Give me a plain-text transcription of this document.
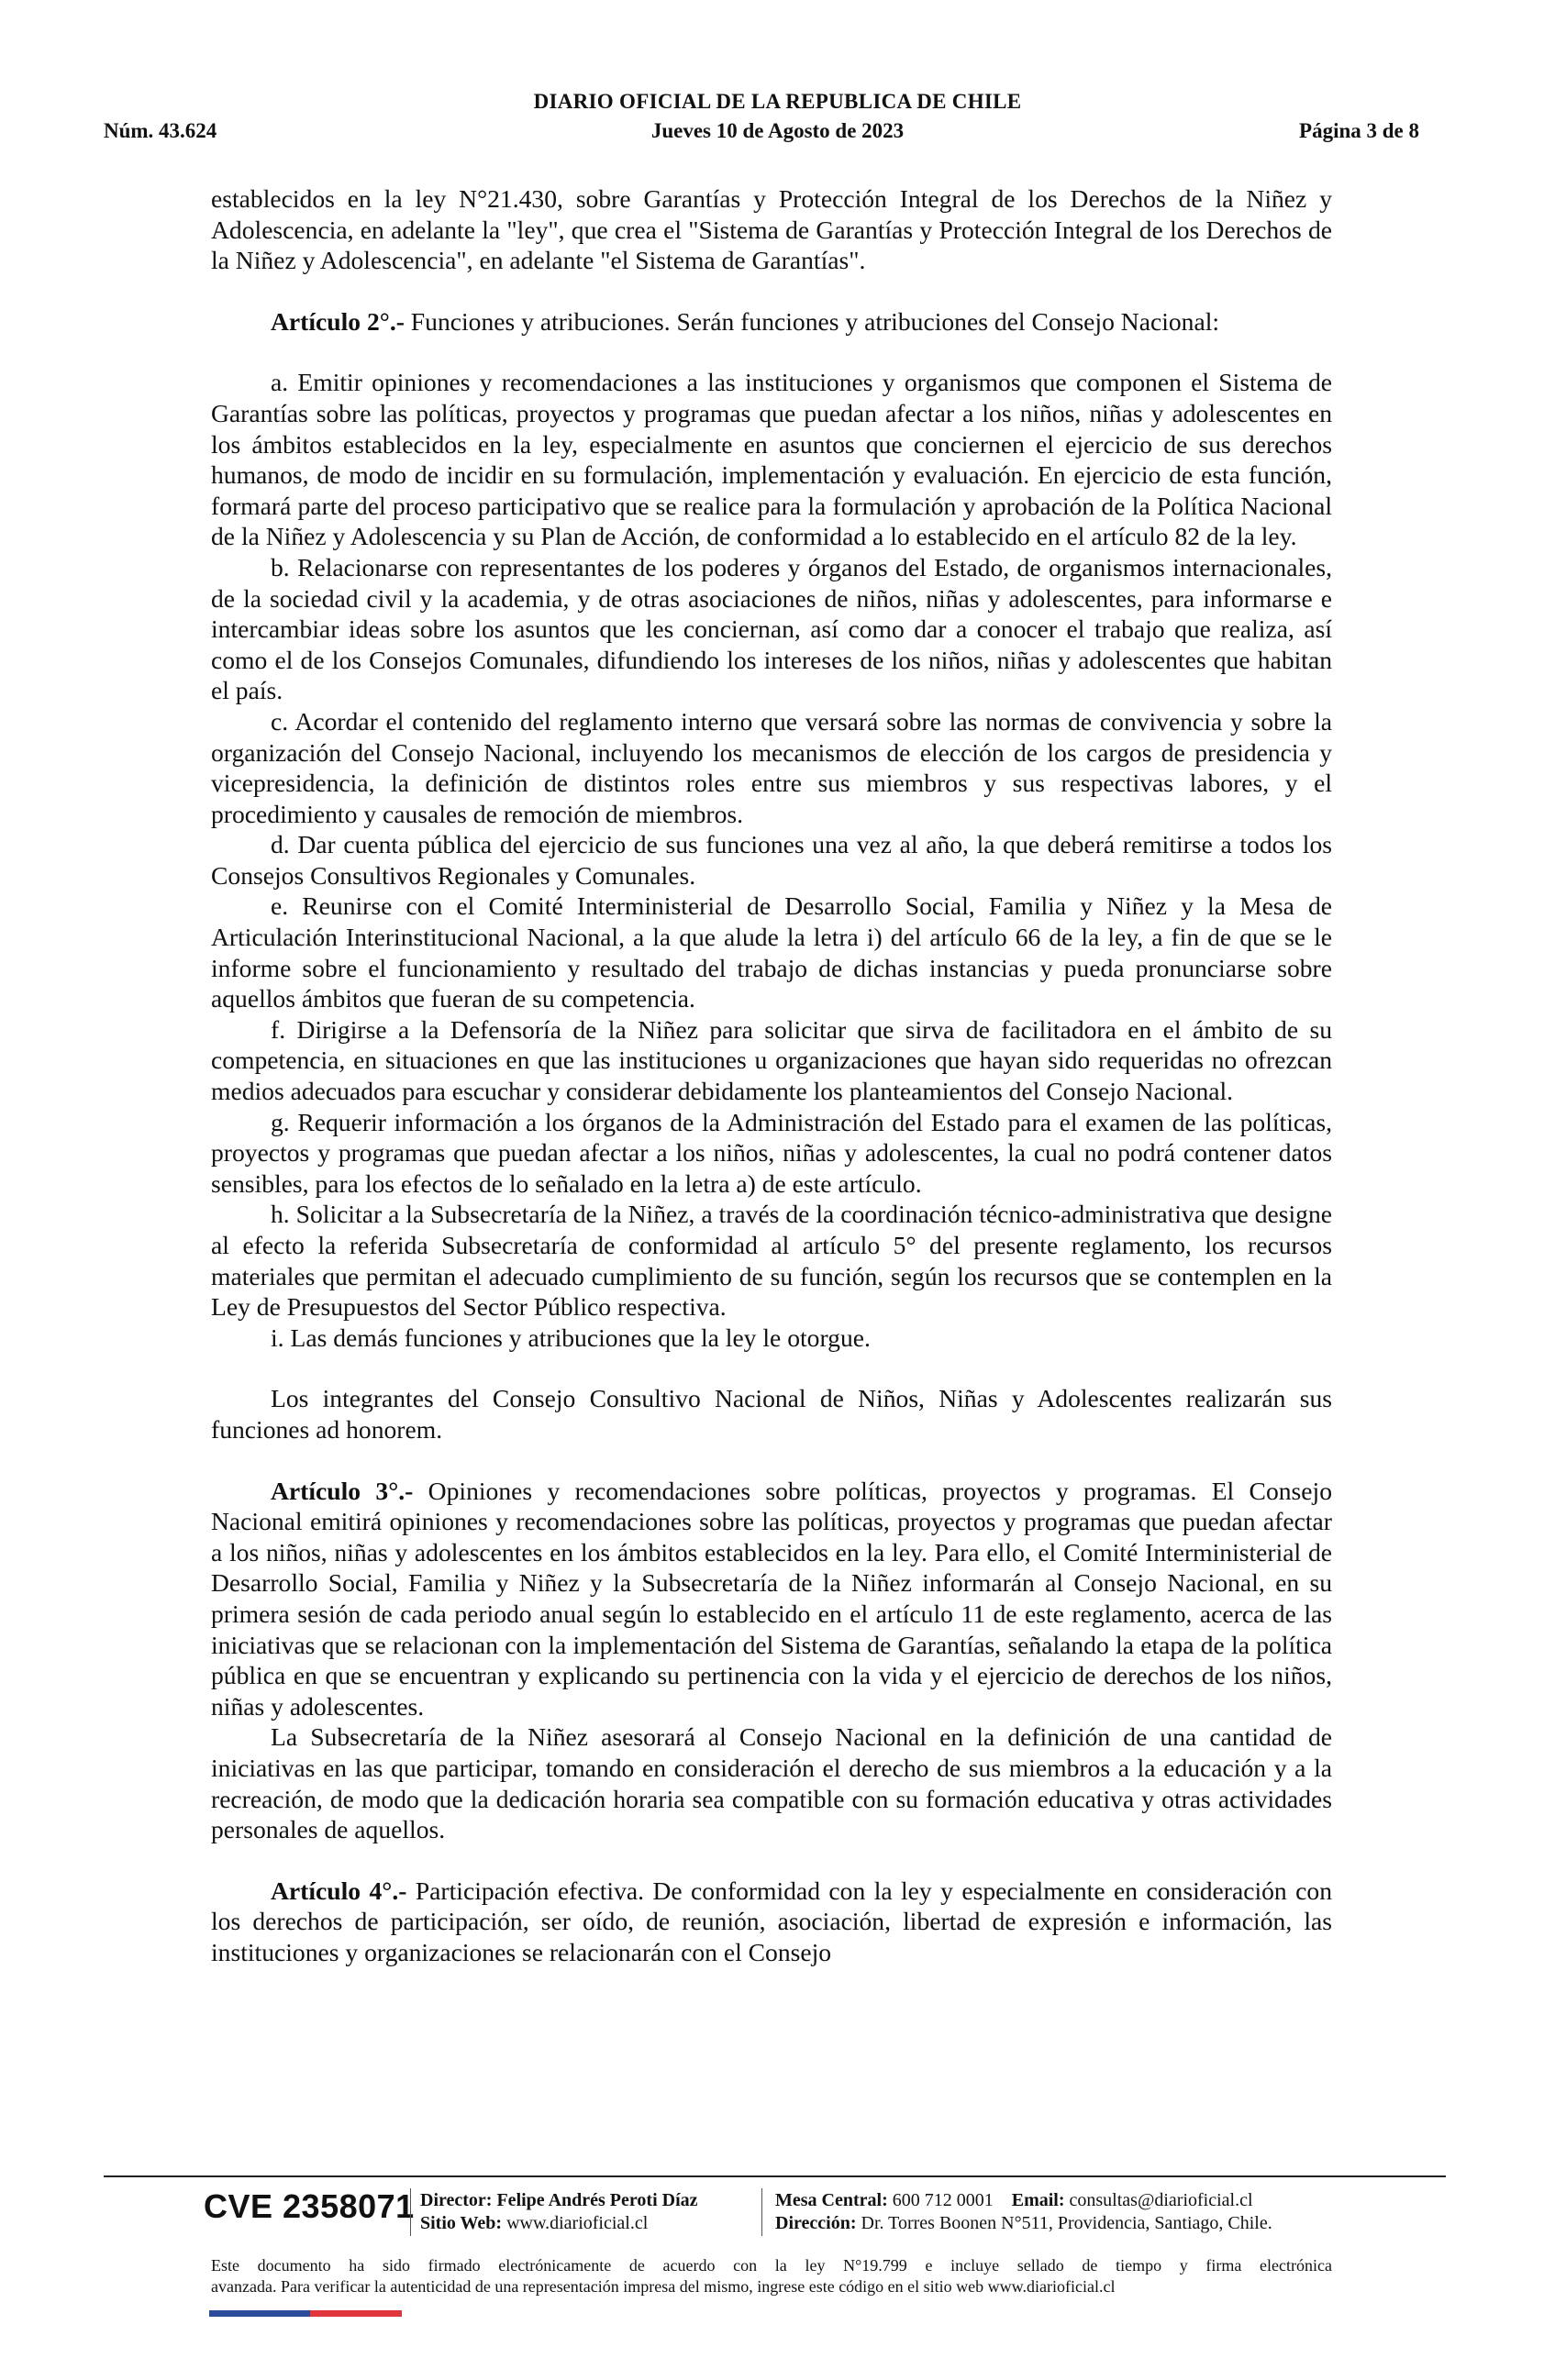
DIARIO OFICIAL DE LA REPUBLICA DE CHILE
Núm. 43.624	Jueves 10 de Agosto de 2023	Página 3 de 8

establecidos en la ley N°21.430, sobre Garantías y Protección Integral de los Derechos de la Niñez y Adolescencia, en adelante la "ley", que crea el "Sistema de Garantías y Protección Integral de los Derechos de la Niñez y Adolescencia", en adelante "el Sistema de Garantías".

Artículo 2°.- Funciones y atribuciones. Serán funciones y atribuciones del Consejo Nacional:

a. Emitir opiniones y recomendaciones a las instituciones y organismos que componen el Sistema de Garantías sobre las políticas, proyectos y programas que puedan afectar a los niños, niñas y adolescentes en los ámbitos establecidos en la ley, especialmente en asuntos que conciernen el ejercicio de sus derechos humanos, de modo de incidir en su formulación, implementación y evaluación. En ejercicio de esta función, formará parte del proceso participativo que se realice para la formulación y aprobación de la Política Nacional de la Niñez y Adolescencia y su Plan de Acción, de conformidad a lo establecido en el artículo 82 de la ley.

b. Relacionarse con representantes de los poderes y órganos del Estado, de organismos internacionales, de la sociedad civil y la academia, y de otras asociaciones de niños, niñas y adolescentes, para informarse e intercambiar ideas sobre los asuntos que les conciernan, así como dar a conocer el trabajo que realiza, así como el de los Consejos Comunales, difundiendo los intereses de los niños, niñas y adolescentes que habitan el país.

c. Acordar el contenido del reglamento interno que versará sobre las normas de convivencia y sobre la organización del Consejo Nacional, incluyendo los mecanismos de elección de los cargos de presidencia y vicepresidencia, la definición de distintos roles entre sus miembros y sus respectivas labores, y el procedimiento y causales de remoción de miembros.

d. Dar cuenta pública del ejercicio de sus funciones una vez al año, la que deberá remitirse a todos los Consejos Consultivos Regionales y Comunales.

e. Reunirse con el Comité Interministerial de Desarrollo Social, Familia y Niñez y la Mesa de Articulación Interinstitucional Nacional, a la que alude la letra i) del artículo 66 de la ley, a fin de que se le informe sobre el funcionamiento y resultado del trabajo de dichas instancias y pueda pronunciarse sobre aquellos ámbitos que fueran de su competencia.

f. Dirigirse a la Defensoría de la Niñez para solicitar que sirva de facilitadora en el ámbito de su competencia, en situaciones en que las instituciones u organizaciones que hayan sido requeridas no ofrezcan medios adecuados para escuchar y considerar debidamente los planteamientos del Consejo Nacional.

g. Requerir información a los órganos de la Administración del Estado para el examen de las políticas, proyectos y programas que puedan afectar a los niños, niñas y adolescentes, la cual no podrá contener datos sensibles, para los efectos de lo señalado en la letra a) de este artículo.

h. Solicitar a la Subsecretaría de la Niñez, a través de la coordinación técnico-administrativa que designe al efecto la referida Subsecretaría de conformidad al artículo 5° del presente reglamento, los recursos materiales que permitan el adecuado cumplimiento de su función, según los recursos que se contemplen en la Ley de Presupuestos del Sector Público respectiva.

i. Las demás funciones y atribuciones que la ley le otorgue.

Los integrantes del Consejo Consultivo Nacional de Niños, Niñas y Adolescentes realizarán sus funciones ad honorem.

Artículo 3°.- Opiniones y recomendaciones sobre políticas, proyectos y programas. El Consejo Nacional emitirá opiniones y recomendaciones sobre las políticas, proyectos y programas que puedan afectar a los niños, niñas y adolescentes en los ámbitos establecidos en la ley. Para ello, el Comité Interministerial de Desarrollo Social, Familia y Niñez y la Subsecretaría de la Niñez informarán al Consejo Nacional, en su primera sesión de cada periodo anual según lo establecido en el artículo 11 de este reglamento, acerca de las iniciativas que se relacionan con la implementación del Sistema de Garantías, señalando la etapa de la política pública en que se encuentran y explicando su pertinencia con la vida y el ejercicio de derechos de los niños, niñas y adolescentes.

La Subsecretaría de la Niñez asesorará al Consejo Nacional en la definición de una cantidad de iniciativas en las que participar, tomando en consideración el derecho de sus miembros a la educación y a la recreación, de modo que la dedicación horaria sea compatible con su formación educativa y otras actividades personales de aquellos.

Artículo 4°.- Participación efectiva. De conformidad con la ley y especialmente en consideración con los derechos de participación, ser oído, de reunión, asociación, libertad de expresión e información, las instituciones y organizaciones se relacionarán con el Consejo

CVE 2358071 Director: Felipe Andrés Peroti Díaz
Sitio Web: www.diarioficial.cl
Mesa Central: 600 712 0001 Email: consultas@diarioficial.cl
Dirección: Dr. Torres Boonen N°511, Providencia, Santiago, Chile.
Este documento ha sido firmado electrónicamente de acuerdo con la ley N°19.799 e incluye sellado de tiempo y firma electrónica
avanzada. Para verificar la autenticidad de una representación impresa del mismo, ingrese este código en el sitio web www.diarioficial.cl
